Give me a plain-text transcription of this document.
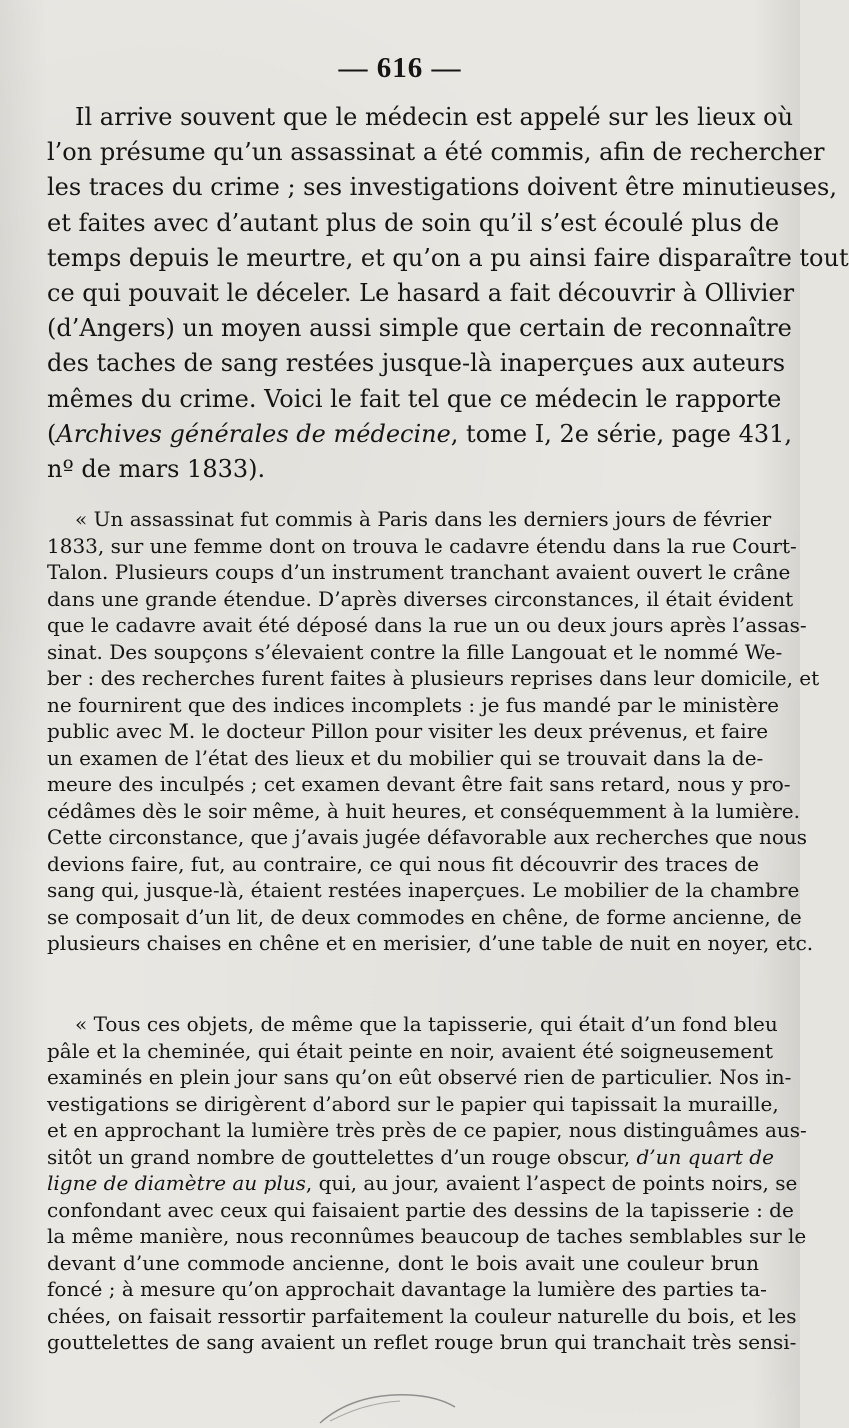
— 616 —
Il arrive souvent que le médecin est appelé sur les lieux où
l’on présume qu’un assassinat a été commis, afin de rechercher
les traces du crime ; ses investigations doivent être minutieuses,
et faites avec d’autant plus de soin qu’il s’est écoulé plus de
temps depuis le meurtre, et qu’on a pu ainsi faire disparaître tout
ce qui pouvait le déceler. Le hasard a fait découvrir à Ollivier
(d’Angers) un moyen aussi simple que certain de reconnaître
des taches de sang restées jusque-là inaperçues aux auteurs
mêmes du crime. Voici le fait tel que ce médecin le rapporte
(Archives générales de médecine, tome I, 2e série, page 431,
nº de mars 1833).
« Un assassinat fut commis à Paris dans les derniers jours de février
1833, sur une femme dont on trouva le cadavre étendu dans la rue Court-
Talon. Plusieurs coups d’un instrument tranchant avaient ouvert le crâne
dans une grande étendue. D’après diverses circonstances, il était évident
que le cadavre avait été déposé dans la rue un ou deux jours après l’assas-
sinat. Des soupçons s’élevaient contre la fille Langouat et le nommé We-
ber : des recherches furent faites à plusieurs reprises dans leur domicile, et
ne fournirent que des indices incomplets : je fus mandé par le ministère
public avec M. le docteur Pillon pour visiter les deux prévenus, et faire
un examen de l’état des lieux et du mobilier qui se trouvait dans la de-
meure des inculpés ; cet examen devant être fait sans retard, nous y pro-
cédâmes dès le soir même, à huit heures, et conséquemment à la lumière.
Cette circonstance, que j’avais jugée défavorable aux recherches que nous
devions faire, fut, au contraire, ce qui nous fit découvrir des traces de
sang qui, jusque-là, étaient restées inaperçues. Le mobilier de la chambre
se composait d’un lit, de deux commodes en chêne, de forme ancienne, de
plusieurs chaises en chêne et en merisier, d’une table de nuit en noyer, etc.
« Tous ces objets, de même que la tapisserie, qui était d’un fond bleu
pâle et la cheminée, qui était peinte en noir, avaient été soigneusement
examinés en plein jour sans qu’on eût observé rien de particulier. Nos in-
vestigations se dirigèrent d’abord sur le papier qui tapissait la muraille,
et en approchant la lumière très près de ce papier, nous distinguâmes aus-
sitôt un grand nombre de gouttelettes d’un rouge obscur, d’un quart de
ligne de diamètre au plus, qui, au jour, avaient l’aspect de points noirs, se
confondant avec ceux qui faisaient partie des dessins de la tapisserie : de
la même manière, nous reconnûmes beaucoup de taches semblables sur le
devant d’une commode ancienne, dont le bois avait une couleur brun
foncé ; à mesure qu’on approchait davantage la lumière des parties ta-
chées, on faisait ressortir parfaitement la couleur naturelle du bois, et les
gouttelettes de sang avaient un reflet rouge brun qui tranchait très sensi-
